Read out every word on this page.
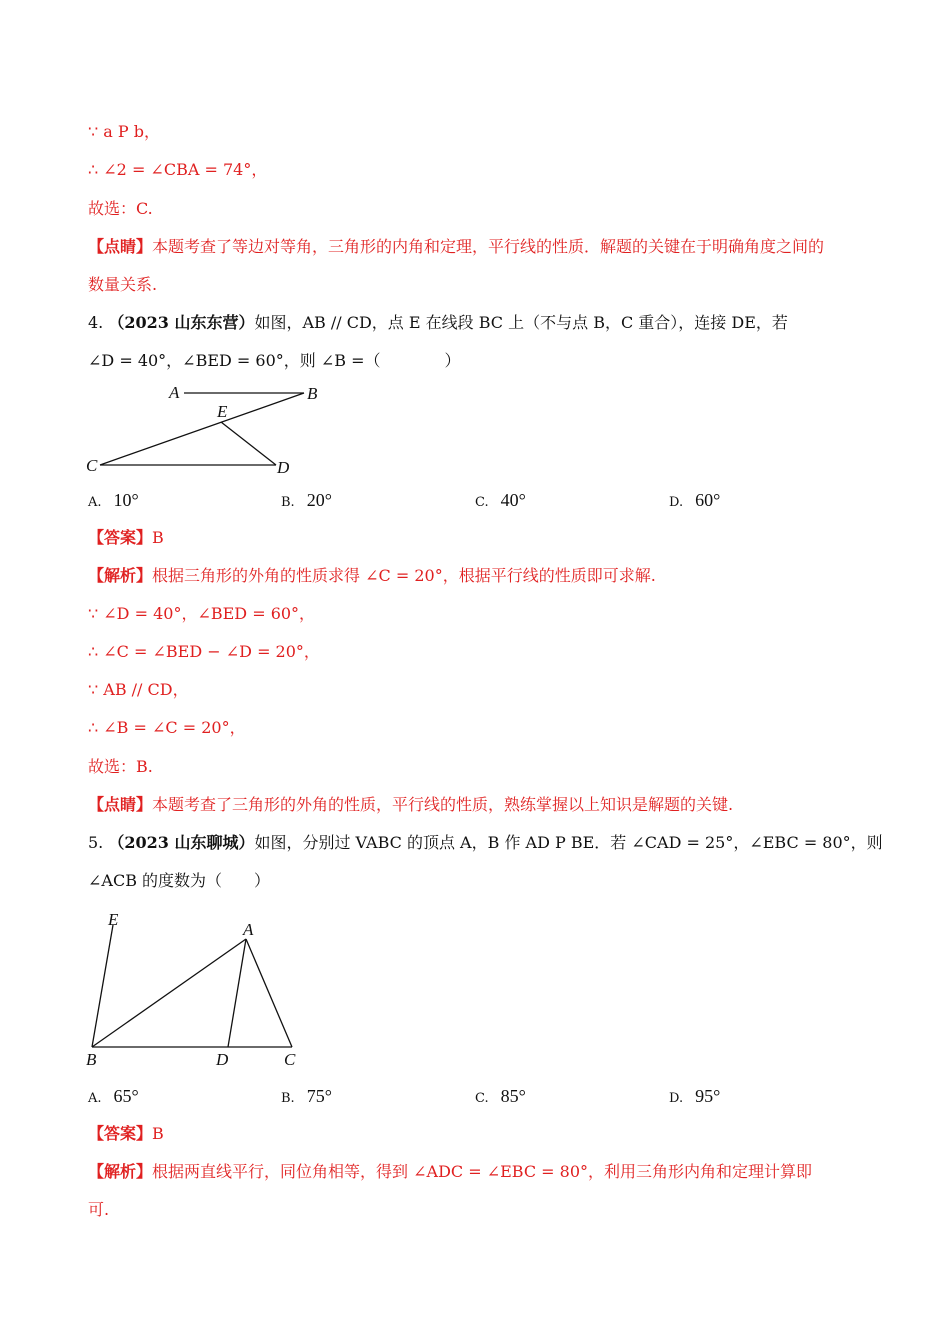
∵ a P b，
∴ ∠2 = ∠CBA = 74°，
故选：C.
【点睛】本题考查了等边对等角，三角形的内角和定理，平行线的性质．解题的关键在于明确角度之间的
数量关系.
4. （2023 山东东营）如图，AB // CD，点 E 在线段 BC 上（不与点 B，C 重合），连接 DE，若
∠D = 40°，∠BED = 60°，则 ∠B =（　　　　）
A	B
E
C	D
A. 10°	B. 20°	C. 40°	D. 60°
【答案】B
【解析】根据三角形的外角的性质求得 ∠C = 20°，根据平行线的性质即可求解.
∵ ∠D = 40°，∠BED = 60°，
∴ ∠C = ∠BED − ∠D = 20°，
∵ AB // CD，
∴ ∠B = ∠C = 20°，
故选：B.
【点睛】本题考查了三角形的外角的性质，平行线的性质，熟练掌握以上知识是解题的关键.
5. （2023 山东聊城）如图，分别过 VABC 的顶点 A，B 作 AD P BE．若 ∠CAD = 25°，∠EBC = 80°，则
∠ACB 的度数为（　　）
E
A
B	D	C
A. 65°	B. 75°	C. 85°	D. 95°
【答案】B
【解析】根据两直线平行，同位角相等，得到 ∠ADC = ∠EBC = 80°，利用三角形内角和定理计算即
可.
